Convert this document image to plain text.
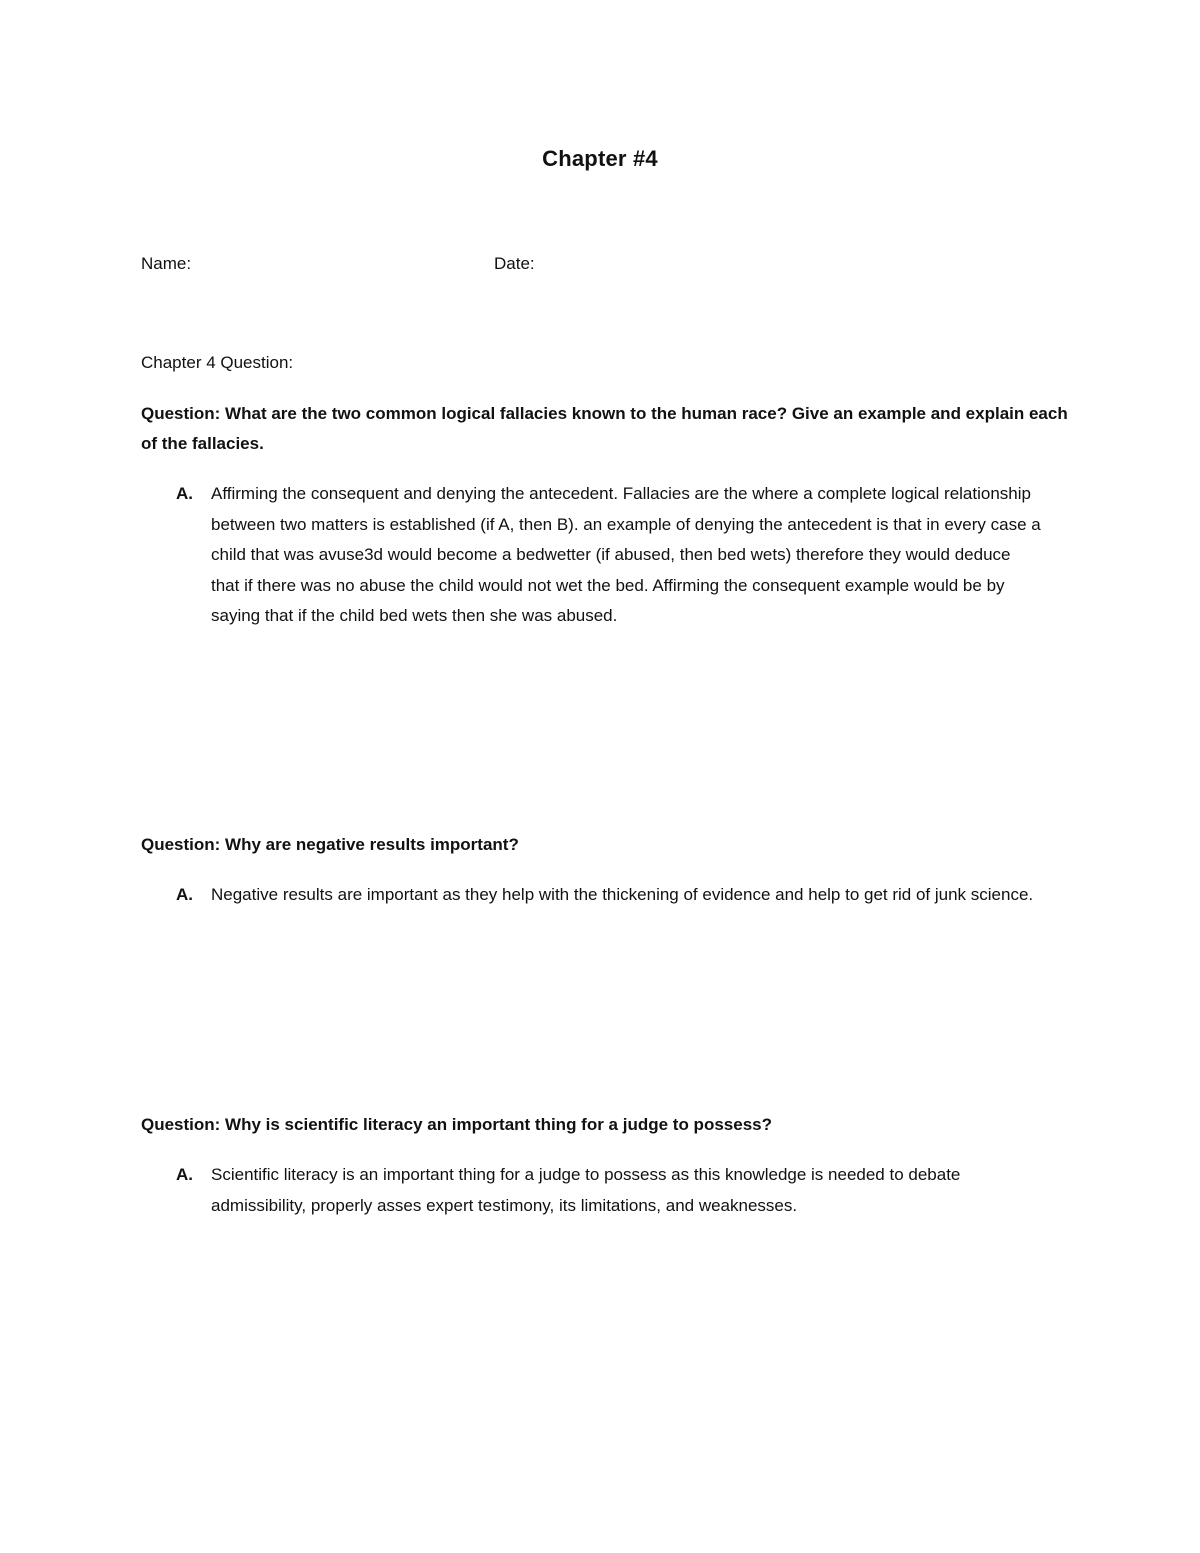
Chapter #4
Name:	Date:
Chapter 4 Question:
Question: What are the two common logical fallacies known to the human race? Give an example and explain each of the fallacies.
A.	Affirming the consequent and denying the antecedent. Fallacies are the where a complete logical relationship between two matters is established (if A, then B). an example of denying the antecedent is that in every case a child that was avuse3d would become a bedwetter (if abused, then bed wets) therefore they would deduce that if there was no abuse the child would not wet the bed. Affirming the consequent example would be by saying that if the child bed wets then she was abused.
Question: Why are negative results important?
A.	Negative results are important as they help with the thickening of evidence and help to get rid of junk science.
Question: Why is scientific literacy an important thing for a judge to possess?
A.	Scientific literacy is an important thing for a judge to possess as this knowledge is needed to debate admissibility, properly asses expert testimony, its limitations, and weaknesses.
